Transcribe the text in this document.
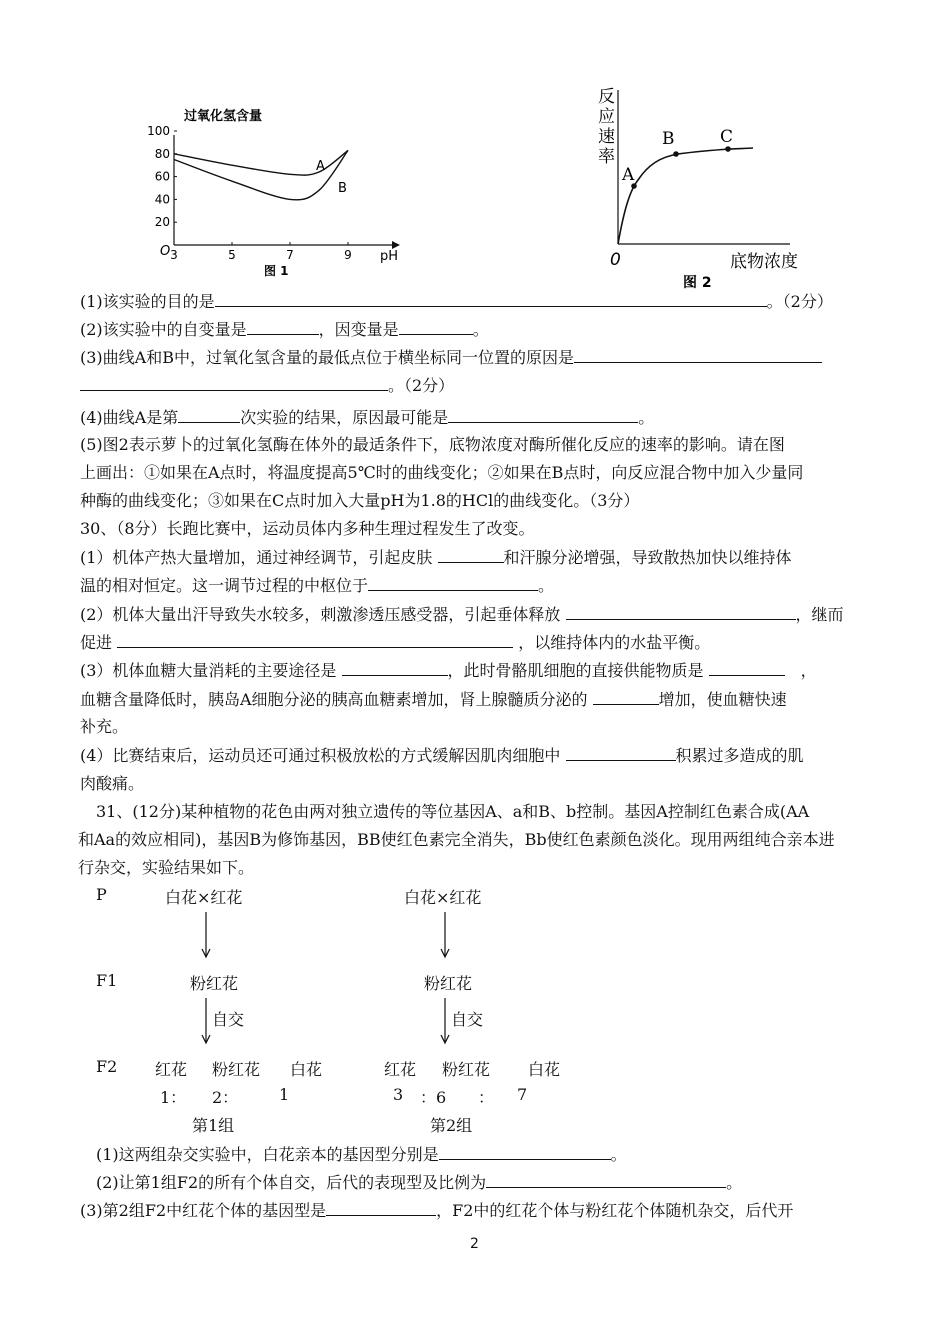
过氧化氢含量
100
80
60
40
20
3	5	7	9
O	pH
图 1
A
B
反
应
速
率
A
B	C
0	底物浓度
图 2
(1)该实验的目的是	。（2分）
(2)该实验中的自变量是	，因变量是	。
(3)曲线A和B中，过氧化氢含量的最低点位于横坐标同一位置的原因是
。（2分）
(4)曲线A是第	次实验的结果，原因最可能是	。
(5)图2表示萝卜的过氧化氢酶在体外的最适条件下，底物浓度对酶所催化反应的速率的影响。请在图
上画出：①如果在A点时，将温度提高5℃时的曲线变化；②如果在B点时，向反应混合物中加入少量同
种酶的曲线变化；③如果在C点时加入大量pH为1.8的HCl的曲线变化。（3分）
30、（8分）长跑比赛中，运动员体内多种生理过程发生了改变。
(1）机体产热大量增加，通过神经调节，引起皮肤	和汗腺分泌增强，导致散热加快以维持体
温的相对恒定。这一调节过程的中枢位于	。
(2）机体大量出汗导致失水较多，刺激渗透压感受器，引起垂体释放	，继而
促进	，以维持体内的水盐平衡。
(3）机体血糖大量消耗的主要途径是	，此时骨骼肌细胞的直接供能物质是	，
血糖含量降低时，胰岛A细胞分泌的胰高血糖素增加，肾上腺髓质分泌的	增加，使血糖快速
补充。
(4）比赛结束后，运动员还可通过积极放松的方式缓解因肌肉细胞中	积累过多造成的肌
肉酸痛。
31、(12分)某种植物的花色由两对独立遗传的等位基因A、a和B、b控制。基因A控制红色素合成(AA
和Aa的效应相同)，基因B为修饰基因，BB使红色素完全消失，Bb使红色素颜色淡化。现用两组纯合亲本进
行杂交，实验结果如下。
P	白花×红花	白花×红花
F1	粉红花	粉红花
自交	自交
F2 红花 粉红花 白花	红花 粉红花 白花
1： 2：	1	3 ：6 ： 7
第1组	第2组
(1)这两组杂交实验中，白花亲本的基因型分别是	。
(2)让第1组F2的所有个体自交，后代的表现型及比例为	。
(3)第2组F2中红花个体的基因型是	，F2中的红花个体与粉红花个体随机杂交，后代开
2
